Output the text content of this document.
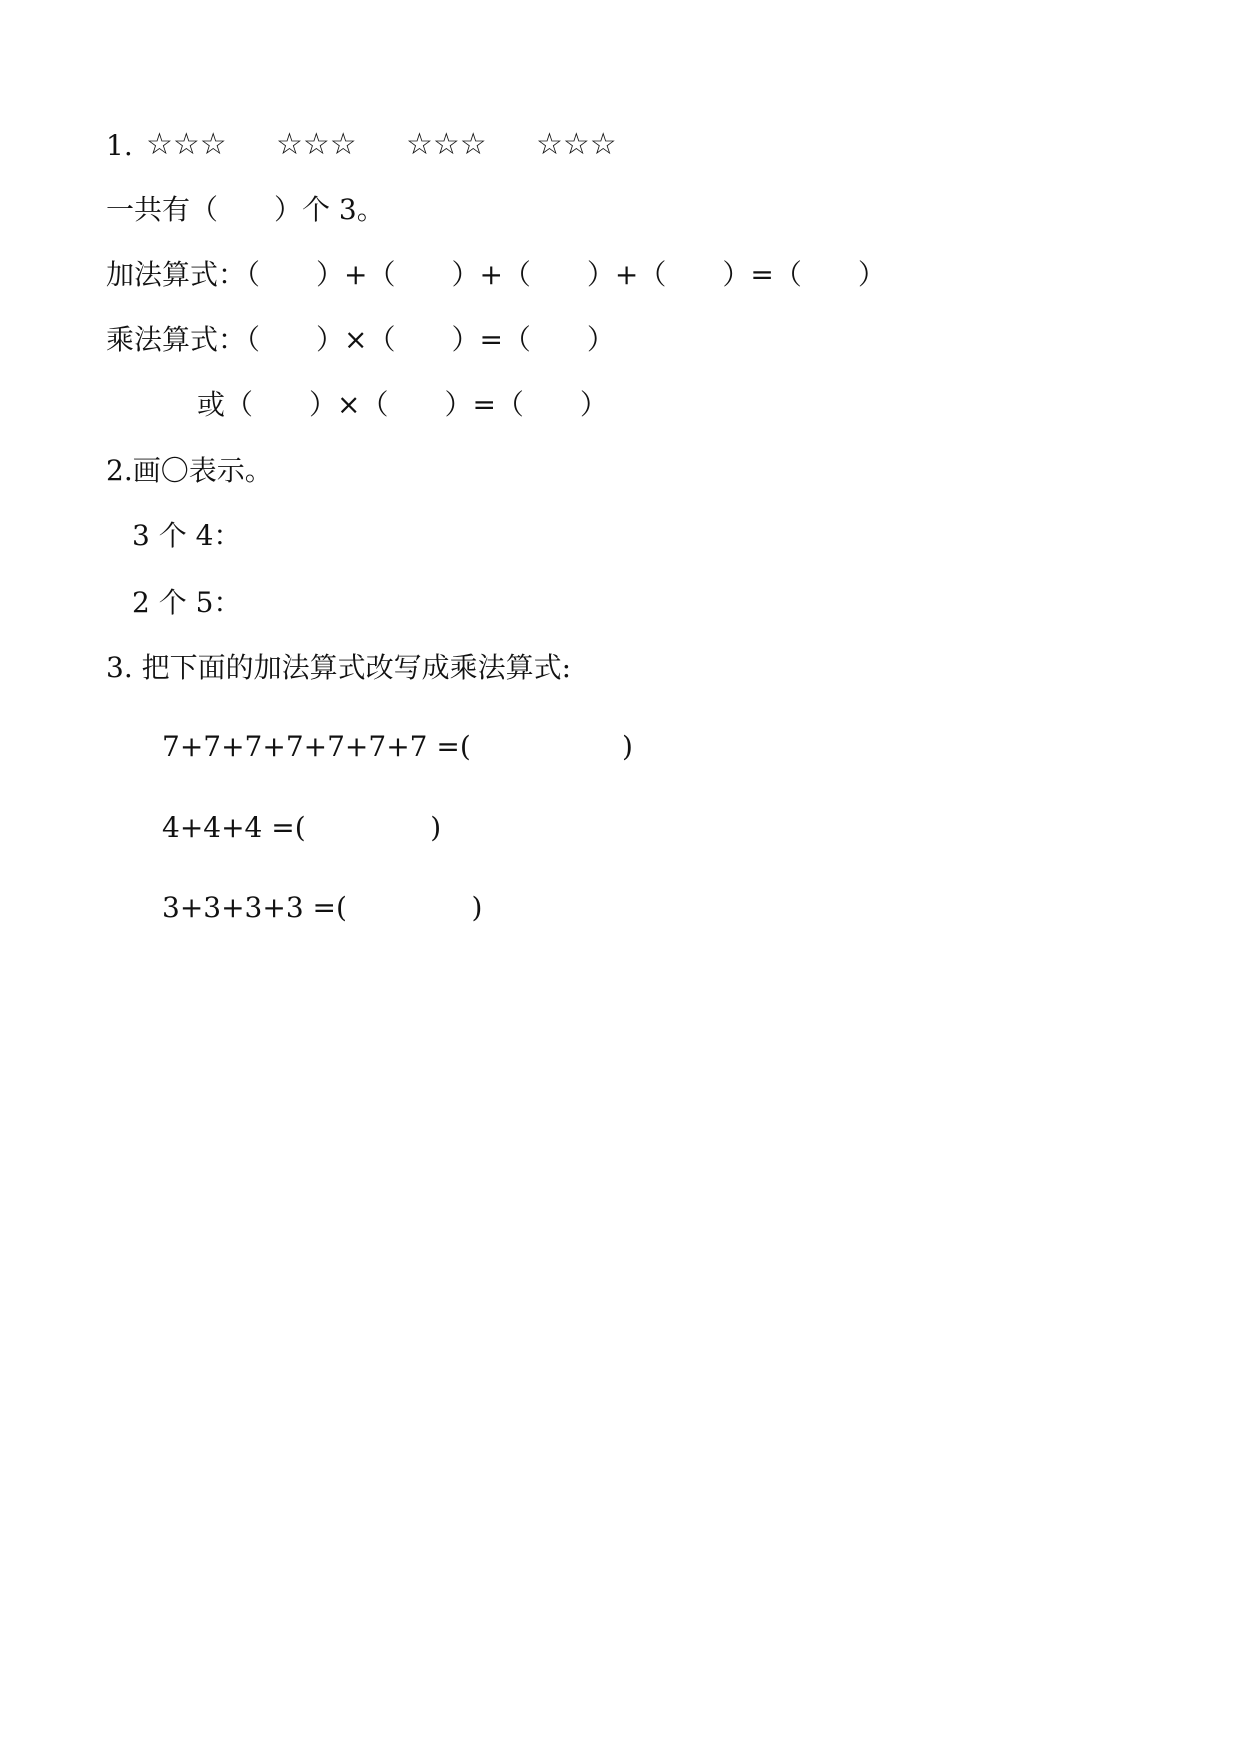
1. ☆☆☆ ☆☆☆ ☆☆☆ ☆☆☆
一共有（　　）个 3。
加法算式：（　　）+（　　）+（　　）+（　　）=（　　）
乘法算式：（　　）×（　　）=（　　）
或（　　）×（　　）=（　　）
2.画〇表示。
3 个 4：
2 个 5：
3. 把下面的加法算式改写成乘法算式:
7+7+7+7+7+7+7 =(                 )
4+4+4 =(              )
3+3+3+3 =(              )
